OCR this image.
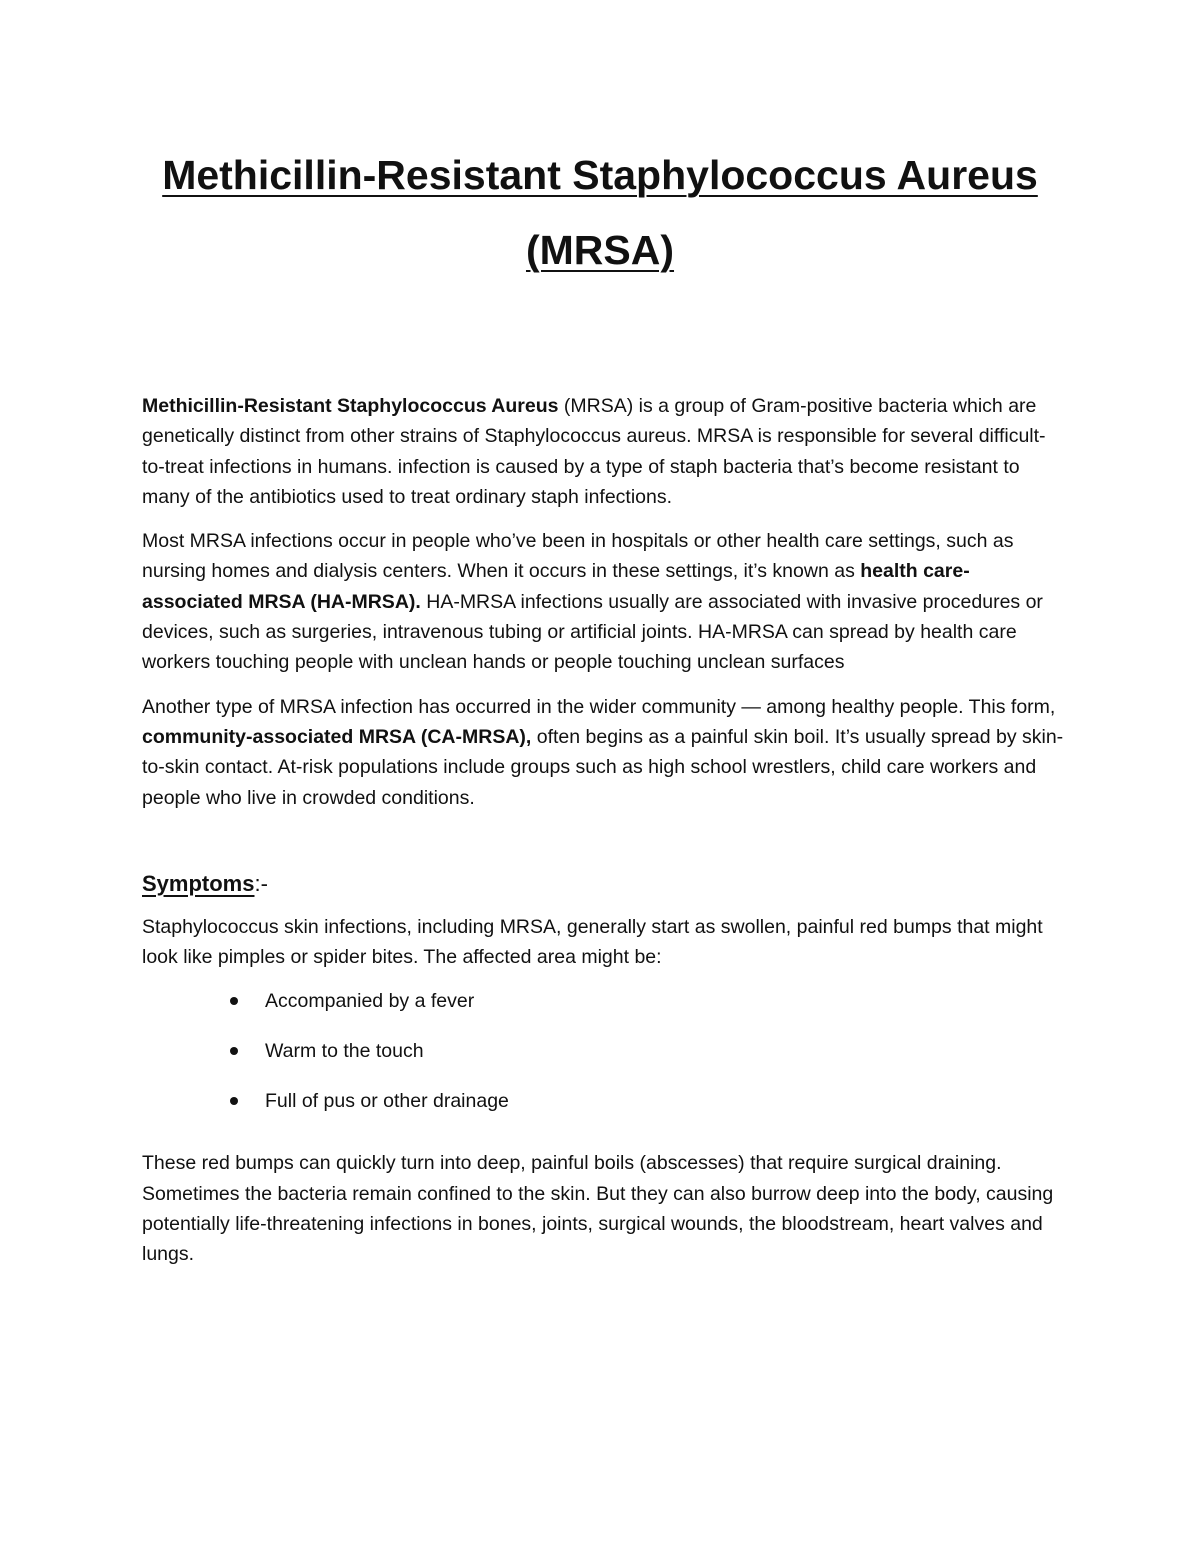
Methicillin-Resistant Staphylococcus Aureus
(MRSA)

Methicillin-Resistant Staphylococcus Aureus (MRSA) is a group of Gram-positive bacteria which are genetically distinct from other strains of Staphylococcus aureus. MRSA is responsible for several difficult-to-treat infections in humans. infection is caused by a type of staph bacteria that’s become resistant to many of the antibiotics used to treat ordinary staph infections.

Most MRSA infections occur in people who’ve been in hospitals or other health care settings, such as nursing homes and dialysis centers. When it occurs in these settings, it’s known as health care-associated MRSA (HA-MRSA). HA-MRSA infections usually are associated with invasive procedures or devices, such as surgeries, intravenous tubing or artificial joints. HA-MRSA can spread by health care workers touching people with unclean hands or people touching unclean surfaces

Another type of MRSA infection has occurred in the wider community — among healthy people. This form, community-associated MRSA (CA-MRSA), often begins as a painful skin boil. It’s usually spread by skin-to-skin contact. At-risk populations include groups such as high school wrestlers, child care workers and people who live in crowded conditions.

Symptoms:-

Staphylococcus skin infections, including MRSA, generally start as swollen, painful red bumps that might look like pimples or spider bites. The affected area might be:

Accompanied by a fever
Warm to the touch
Full of pus or other drainage

These red bumps can quickly turn into deep, painful boils (abscesses) that require surgical draining. Sometimes the bacteria remain confined to the skin. But they can also burrow deep into the body, causing potentially life-threatening infections in bones, joints, surgical wounds, the bloodstream, heart valves and lungs.
